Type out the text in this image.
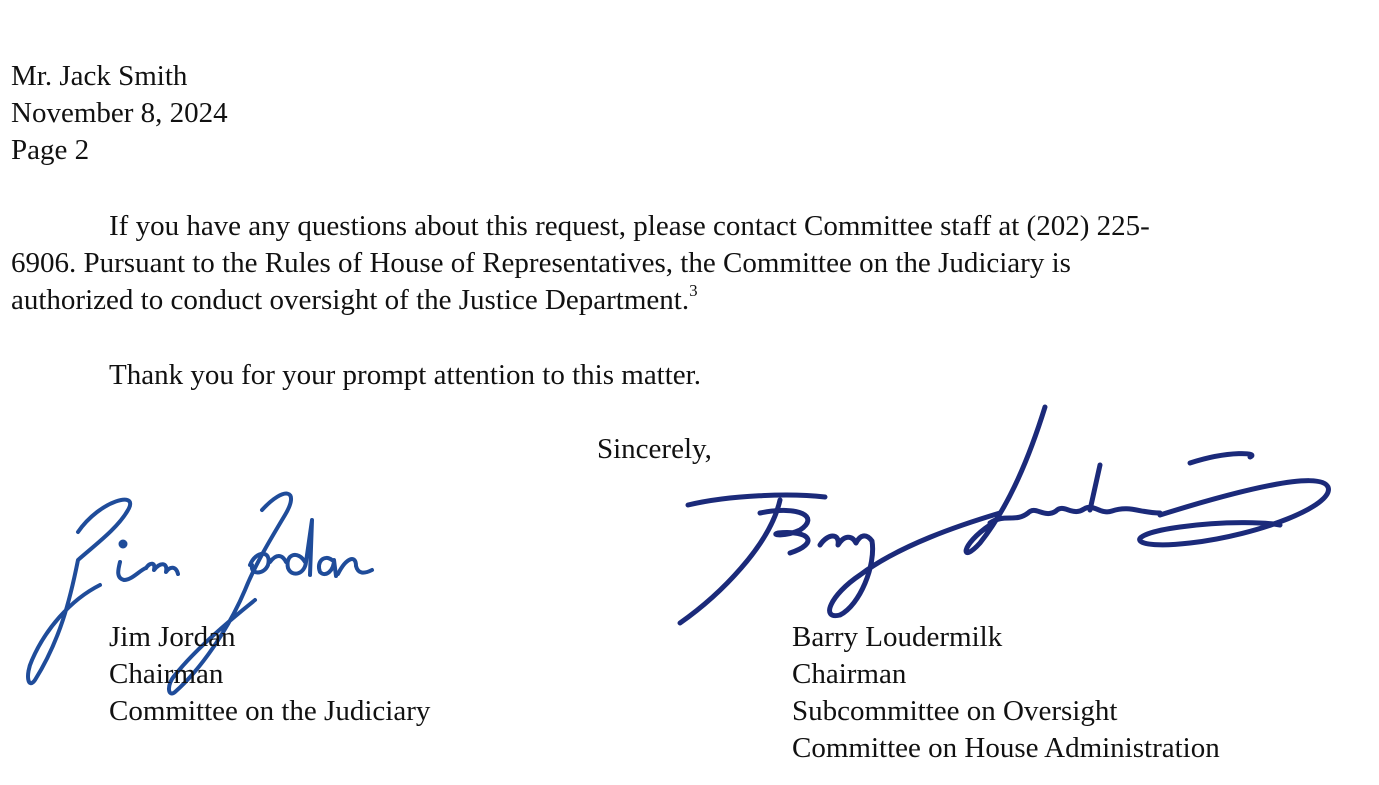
Mr. Jack Smith
November 8, 2024
Page 2
If you have any questions about this request, please contact Committee staff at (202) 225-
6906. Pursuant to the Rules of House of Representatives, the Committee on the Judiciary is
authorized to conduct oversight of the Justice Department.$^3$
Thank you for your prompt attention to this matter.
Sincerely,
Jim Jordan
Chairman
Committee on the Judiciary
Barry Loudermilk
Chairman
Subcommittee on Oversight
Committee on House Administration
